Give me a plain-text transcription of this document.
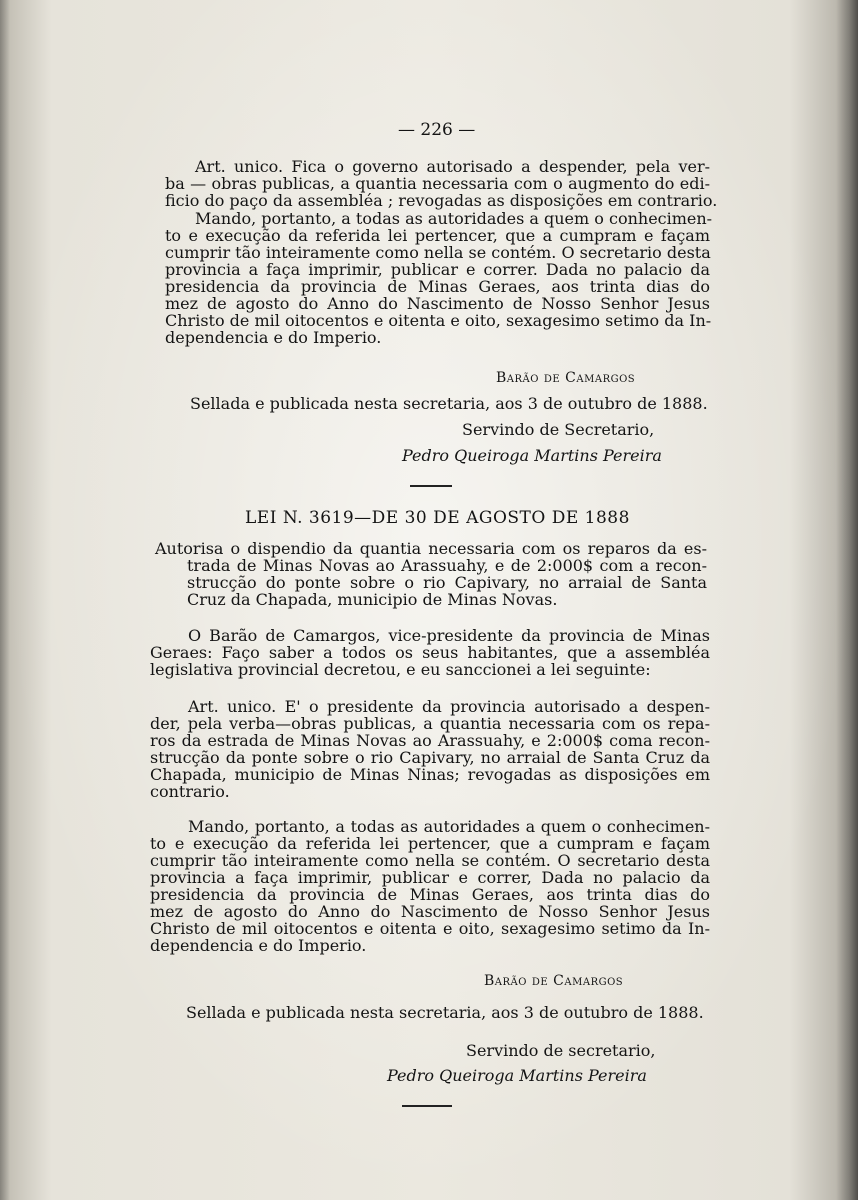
— 226 —

Art. unico. Fica o governo autorisado a despender, pela ver-
ba — obras publicas, a quantia necessaria com o augmento do edi-
ficio do paço da assembléa ; revogadas as disposições em contrario.
Mando, portanto, a todas as autoridades a quem o conhecimen-
to e execução da referida lei pertencer, que a cumpram e façam
cumprir tão inteiramente como nella se contém. O secretario desta
provincia a faça imprimir, publicar e correr. Dada no palacio da
presidencia da provincia de Minas Geraes, aos trinta dias do
mez de agosto do Anno do Nascimento de Nosso Senhor Jesus
Christo de mil oitocentos e oitenta e oito, sexagesimo setimo da In-
dependencia e do Imperio.

Barão de Camargos

Sellada e publicada nesta secretaria, aos 3 de outubro de 1888.

Servindo de Secretario,

Pedro Queiroga Martins Pereira

LEI N. 3619—DE 30 DE AGOSTO DE 1888

Autorisa o dispendio da quantia necessaria com os reparos da es-
trada de Minas Novas ao Arassuahy, e de 2:000$ com a recon-
strucção do ponte sobre o rio Capivary, no arraial de Santa
Cruz da Chapada, municipio de Minas Novas.
O Barão de Camargos, vice-presidente da provincia de Minas
Geraes: Faço saber a todos os seus habitantes, que a assembléa
legislativa provincial decretou, e eu sanccionei a lei seguinte:
Art. unico. E' o presidente da provincia autorisado a despen-
der, pela verba—obras publicas, a quantia necessaria com os repa-
ros da estrada de Minas Novas ao Arassuahy, e 2:000$ coma recon-
strucção da ponte sobre o rio Capivary, no arraial de Santa Cruz da
Chapada, municipio de Minas Ninas; revogadas as disposições em
contrario.
Mando, portanto, a todas as autoridades a quem o conhecimen-
to e execução da referida lei pertencer, que a cumpram e façam
cumprir tão inteiramente como nella se contém. O secretario desta
provincia a faça imprimir, publicar e correr, Dada no palacio da
presidencia da provincia de Minas Geraes, aos trinta dias do
mez de agosto do Anno do Nascimento de Nosso Senhor Jesus
Christo de mil oitocentos e oitenta e oito, sexagesimo setimo da In-
dependencia e do Imperio.

Barão de Camargos

Sellada e publicada nesta secretaria, aos 3 de outubro de 1888.

Servindo de secretario,

Pedro Queiroga Martins Pereira
